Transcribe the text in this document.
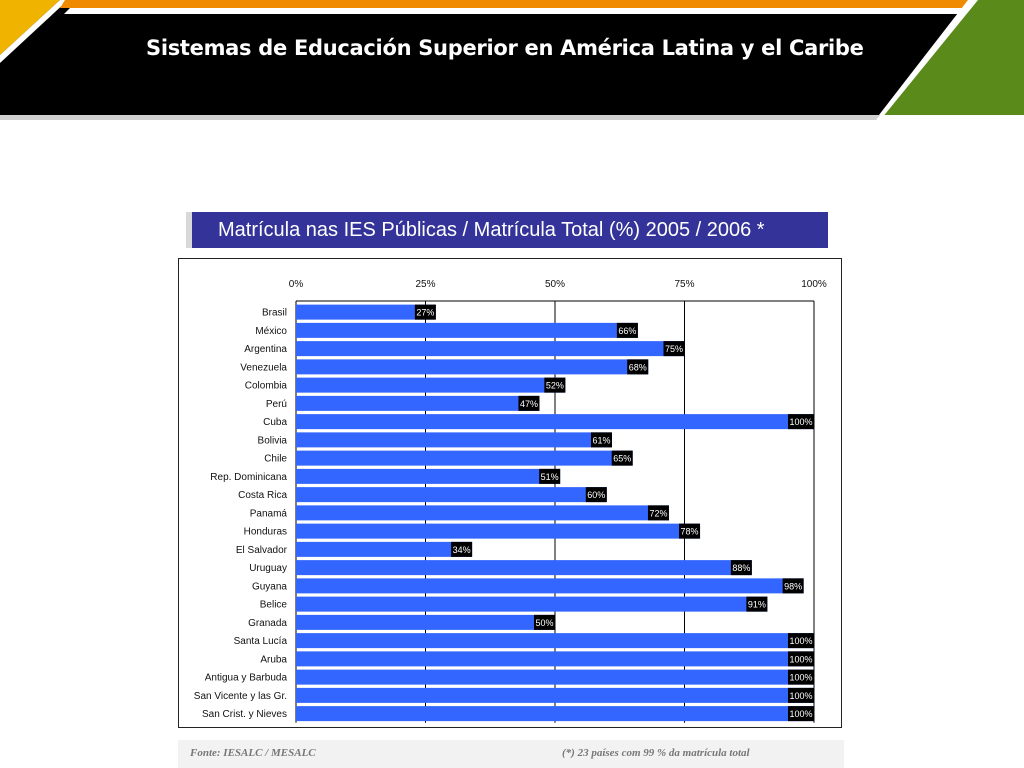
Sistemas de Educación Superior en América Latina y el Caribe
Matrícula nas IES Públicas / Matrícula Total (%) 2005 / 2006 *
0%	25%	50%	75%	100%
Brasil	27%
México	66%
Argentina	75%
Venezuela	68%
Colombia	52%
Perú	47%
Cuba	100%
Bolivia	61%
Chile	65%
Rep. Dominicana	51%
Costa Rica	60%
Panamá	72%
Honduras	78%
El Salvador	34%
Uruguay	88%
Guyana	98%
Belice	91%
Granada	50%
Santa Lucía	100%
Aruba	100%
Antigua y Barbuda	100%
San Vicente y las Gr.	100%
San Crist. y Nieves	100%
Fonte: IESALC / MESALC	(*) 23 países com 99 % da matrícula total
